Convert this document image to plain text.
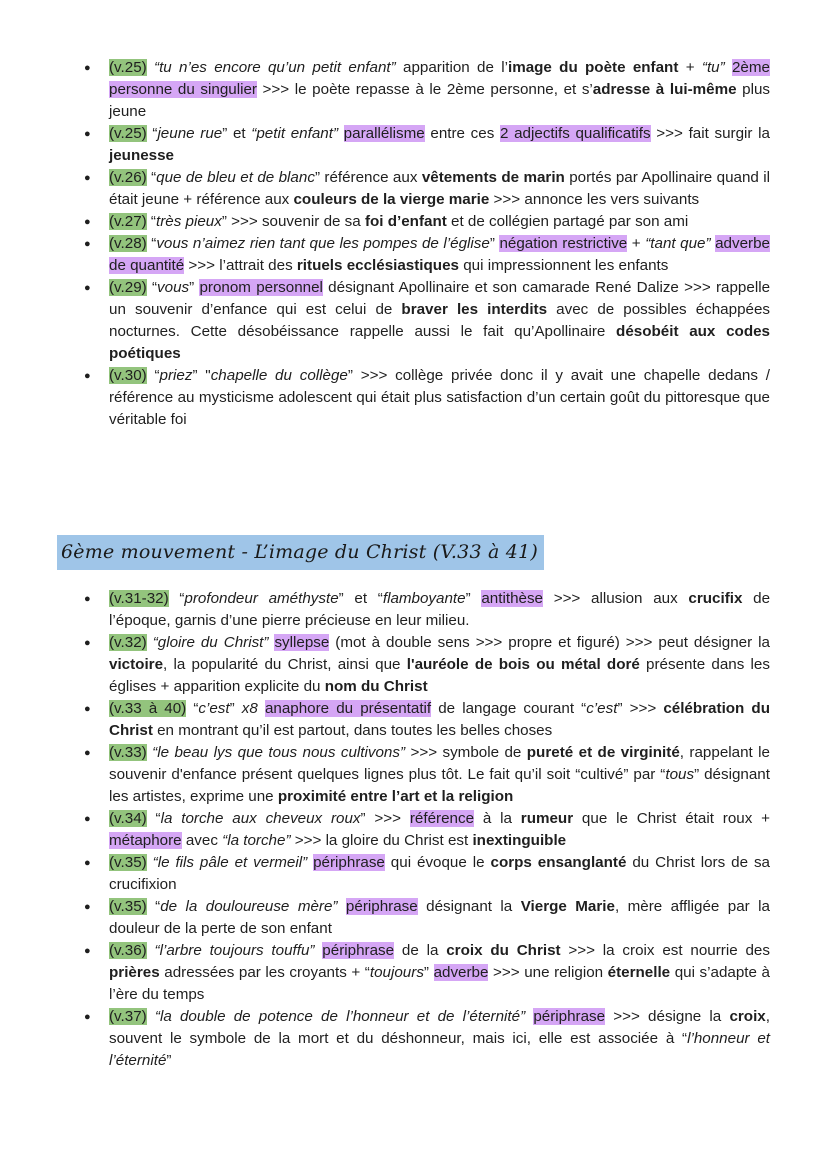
● (v.25) “tu n’es encore qu’un petit enfant” apparition de l’image du poète enfant + “tu” 2ème personne du singulier >>> le poète repasse à le 2ème personne, et s’adresse à lui-même plus jeune
● (v.25) “jeune rue” et “petit enfant” parallélisme entre ces 2 adjectifs qualificatifs >>> fait surgir la jeunesse
● (v.26) “que de bleu et de blanc” référence aux vêtements de marin portés par Apollinaire quand il était jeune + référence aux couleurs de la vierge marie >>> annonce les vers suivants
● (v.27) “très pieux” >>> souvenir de sa foi d’enfant et de collégien partagé par son ami
● (v.28) “vous n’aimez rien tant que les pompes de l’église” négation restrictive + “tant que” adverbe de quantité >>> l’attrait des rituels ecclésiastiques qui impressionnent les enfants
● (v.29) “vous” pronom personnel désignant Apollinaire et son camarade René Dalize >>> rappelle un souvenir d’enfance qui est celui de braver les interdits avec de possibles échappées nocturnes. Cette désobéissance rappelle aussi le fait qu’Apollinaire désobéit aux codes poétiques
● (v.30) “priez” "chapelle du collège” >>> collège privée donc il y avait une chapelle dedans / référence au mysticisme adolescent qui était plus satisfaction d’un certain goût du pittoresque que véritable foi
6ème mouvement - L’image du Christ (V.33 à 41)
● (v.31-32) “profondeur améthyste” et “flamboyante” antithèse >>> allusion aux crucifix de l’époque, garnis d’une pierre précieuse en leur milieu.
● (v.32) “gloire du Christ” syllepse (mot à double sens >>> propre et figuré) >>> peut désigner la victoire, la popularité du Christ, ainsi que l'auréole de bois ou métal doré présente dans les églises + apparition explicite du nom du Christ
● (v.33 à 40) “c’est” x8 anaphore du présentatif de langage courant “c’est” >>> célébration du Christ en montrant qu’il est partout, dans toutes les belles choses
● (v.33) “le beau lys que tous nous cultivons” >>> symbole de pureté et de virginité, rappelant le souvenir d'enfance présent quelques lignes plus tôt. Le fait qu’il soit “cultivé” par “tous” désignant les artistes, exprime une proximité entre l’art et la religion
● (v.34) “la torche aux cheveux roux” >>> référence à la rumeur que le Christ était roux + métaphore avec “la torche” >>> la gloire du Christ est inextinguible
● (v.35) “le fils pâle et vermeil” périphrase qui évoque le corps ensanglanté du Christ lors de sa crucifixion
● (v.35) “de la douloureuse mère” périphrase désignant la Vierge Marie, mère affligée par la douleur de la perte de son enfant
● (v.36) “l’arbre toujours touffu” périphrase de la croix du Christ >>> la croix est nourrie des prières adressées par les croyants + “toujours” adverbe >>> une religion éternelle qui s’adapte à l’ère du temps
● (v.37) “la double de potence de l’honneur et de l’éternité” périphrase >>> désigne la croix, souvent le symbole de la mort et du déshonneur, mais ici, elle est associée à “l’honneur et l’éternité”
